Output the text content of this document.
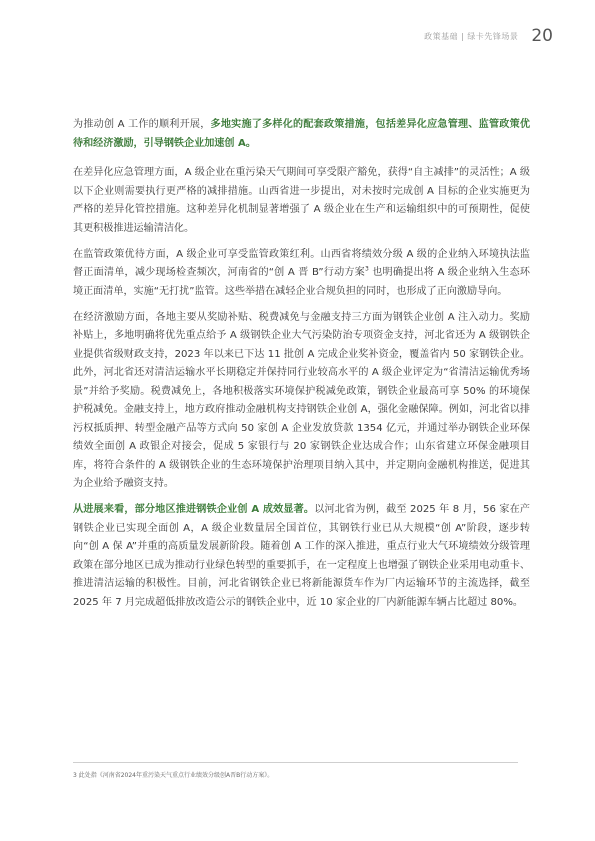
政策基础 | 绿卡先锋场景 20

为推动创 A 工作的顺利开展，多地实施了多样化的配套政策措施，包括差异化应急管理、监管政策优待和经济激励，引导钢铁企业加速创 A。

在差异化应急管理方面，A 级企业在重污染天气期间可享受限产豁免，获得“自主减排”的灵活性；A 级以下企业则需要执行更严格的减排措施。山西省进一步提出，对未按时完成创 A 目标的企业实施更为严格的差异化管控措施。这种差异化机制显著增强了 A 级企业在生产和运输组织中的可预期性，促使其更积极推进运输清洁化。

在监管政策优待方面，A 级企业可享受监管政策红利。山西省将绩效分级 A 级的企业纳入环境执法监督正面清单，减少现场检查频次，河南省的“创 A 晋 B”行动方案$^3$ 也明确提出将 A 级企业纳入生态环境正面清单，实施“无打扰”监管。这些举措在减轻企业合规负担的同时，也形成了正向激励导向。

在经济激励方面，各地主要从奖励补贴、税费减免与金融支持三方面为钢铁企业创 A 注入动力。奖励补贴上，多地明确将优先重点给予 A 级钢铁企业大气污染防治专项资金支持，河北省还为 A 级钢铁企业提供省级财政支持，2023 年以来已下达 11 批创 A 完成企业奖补资金，覆盖省内 50 家钢铁企业。此外，河北省还对清洁运输水平长期稳定并保持同行业较高水平的 A 级企业评定为“省清洁运输优秀场景”并给予奖励。税费减免上，各地积极落实环境保护税减免政策，钢铁企业最高可享 50% 的环境保护税减免。金融支持上，地方政府推动金融机构支持钢铁企业创 A，强化金融保障。例如，河北省以排污权抵质押、转型金融产品等方式向 50 家创 A 企业发放贷款 1354 亿元，并通过举办钢铁企业环保绩效全面创 A 政银企对接会，促成 5 家银行与 20 家钢铁企业达成合作；山东省建立环保金融项目库，将符合条件的 A 级钢铁企业的生态环境保护治理项目纳入其中，并定期向金融机构推送，促进其为企业给予融资支持。

从进展来看，部分地区推进钢铁企业创 A 成效显著。以河北省为例，截至 2025 年 8 月，56 家在产钢铁企业已实现全面创 A，A 级企业数量居全国首位，其钢铁行业已从大规模“创 A”阶段，逐步转向“创 A 保 A”并重的高质量发展新阶段。随着创 A 工作的深入推进，重点行业大气环境绩效分级管理政策在部分地区已成为推动行业绿色转型的重要抓手，在一定程度上也增强了钢铁企业采用电动重卡、推进清洁运输的积极性。目前，河北省钢铁企业已将新能源货车作为厂内运输环节的主流选择，截至 2025 年 7 月完成超低排放改造公示的钢铁企业中，近 10 家企业的厂内新能源车辆占比超过 80%。

3 此处指《河南省2024年重污染天气重点行业绩效分级创A晋B行动方案》。
